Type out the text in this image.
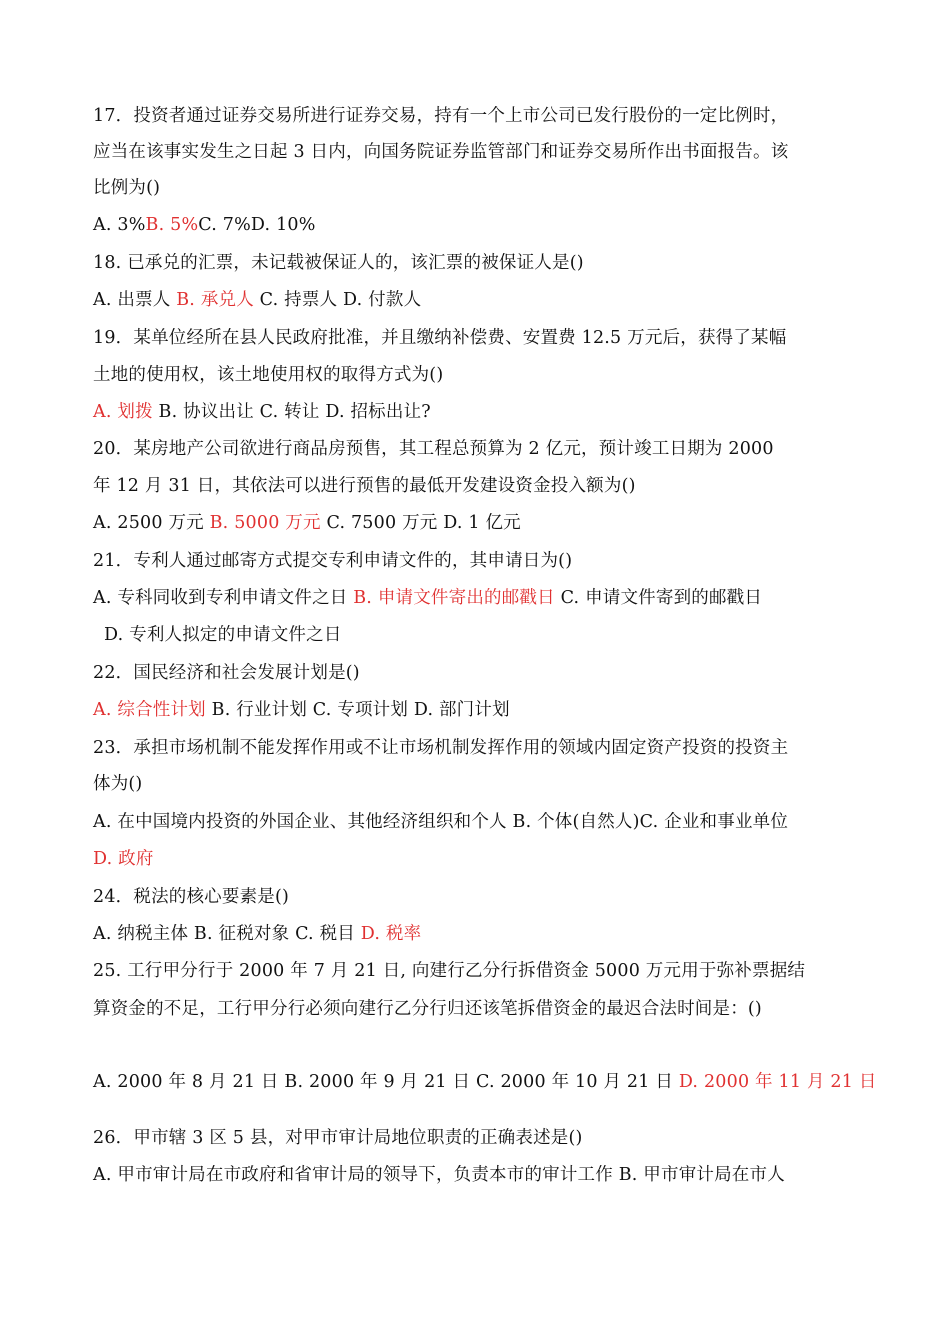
17．投资者通过证券交易所进行证券交易，持有一个上市公司已发行股份的一定比例时，
应当在该事实发生之日起 3 日内，向国务院证券监管部门和证券交易所作出书面报告。该
比例为()
A. 3%B. 5%C. 7%D. 10%
18. 已承兑的汇票，未记载被保证人的，该汇票的被保证人是()
A. 出票人 B. 承兑人 C. 持票人 D. 付款人
19．某单位经所在县人民政府批准，并且缴纳补偿费、安置费 12.5 万元后，获得了某幅
土地的使用权，该土地使用权的取得方式为()
A. 划拨 B. 协议出让 C. 转让 D. 招标出让?
20．某房地产公司欲进行商品房预售，其工程总预算为 2 亿元，预计竣工日期为 2000
年 12 月 31 日，其依法可以进行预售的最低开发建设资金投入额为()
A. 2500 万元 B. 5000 万元 C. 7500 万元 D. 1 亿元
21．专利人通过邮寄方式提交专利申请文件的，其申请日为()
A. 专科同收到专利申请文件之日 B. 申请文件寄出的邮戳日 C. 申请文件寄到的邮戳日
D. 专利人拟定的申请文件之日
22．国民经济和社会发展计划是()
A. 综合性计划 B. 行业计划 C. 专项计划 D. 部门计划
23．承担市场机制不能发挥作用或不让市场机制发挥作用的领域内固定资产投资的投资主
体为()
A. 在中国境内投资的外国企业、其他经济组织和个人 B. 个体(自然人)C. 企业和事业单位
D. 政府
24．税法的核心要素是()
A. 纳税主体 B. 征税对象 C. 税目 D. 税率
25. 工行甲分行于 2000 年 7 月 21 日, 向建行乙分行拆借资金 5000 万元用于弥补票据结
算资金的不足，工行甲分行必须向建行乙分行归还该笔拆借资金的最迟合法时间是：()
A. 2000 年 8 月 21 日 B. 2000 年 9 月 21 日 C. 2000 年 10 月 21 日 D. 2000 年 11 月 21 日
26．甲市辖 3 区 5 县，对甲市审计局地位职责的正确表述是()
A. 甲市审计局在市政府和省审计局的领导下，负责本市的审计工作 B. 甲市审计局在市人
